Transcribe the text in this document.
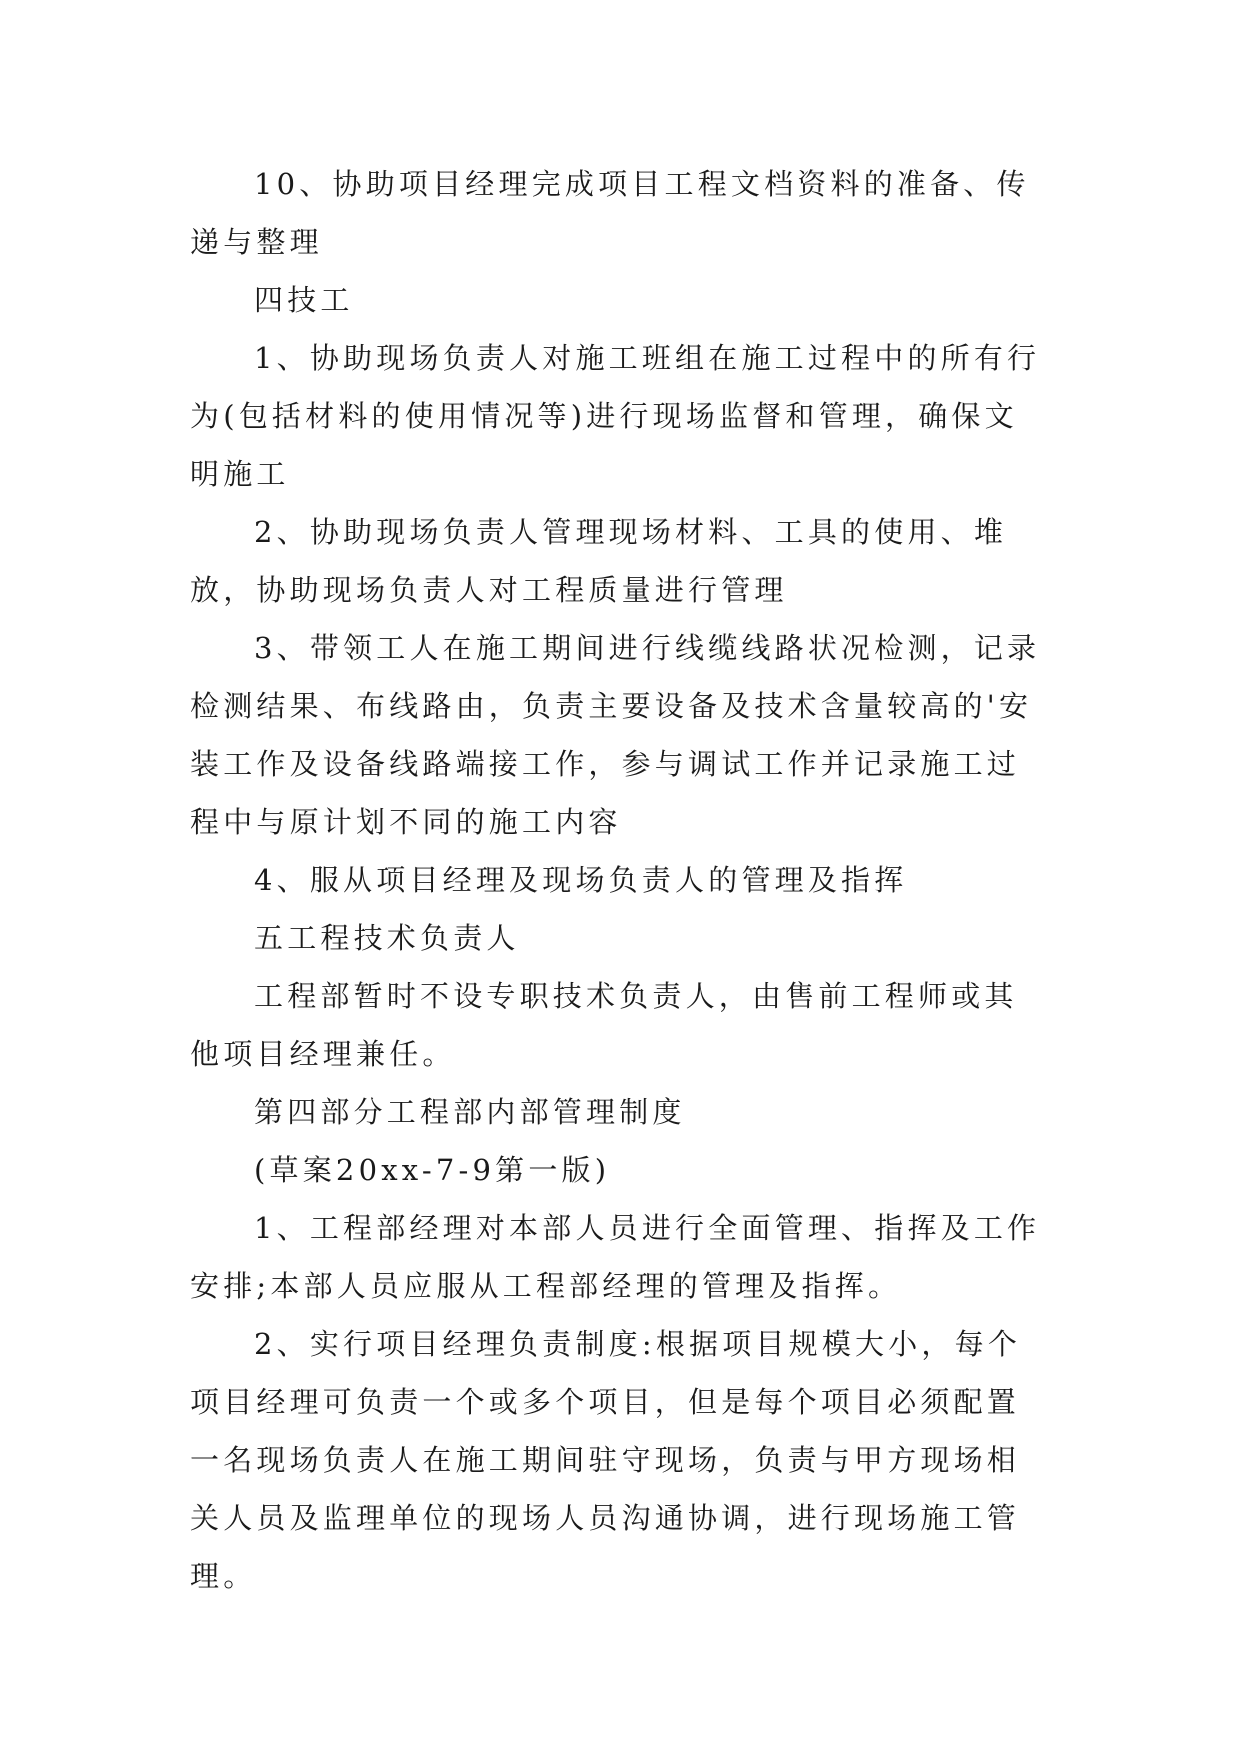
10、协助项目经理完成项目工程文档资料的准备、传递与整理

四技工

1、协助现场负责人对施工班组在施工过程中的所有行为(包括材料的使用情况等)进行现场监督和管理，确保文明施工

2、协助现场负责人管理现场材料、工具的使用、堆放，协助现场负责人对工程质量进行管理

3、带领工人在施工期间进行线缆线路状况检测，记录检测结果、布线路由，负责主要设备及技术含量较高的'安装工作及设备线路端接工作，参与调试工作并记录施工过程中与原计划不同的施工内容

4、服从项目经理及现场负责人的管理及指挥

五工程技术负责人

工程部暂时不设专职技术负责人，由售前工程师或其他项目经理兼任。

第四部分工程部内部管理制度

(草案20xx-7-9第一版)

1、工程部经理对本部人员进行全面管理、指挥及工作安排;本部人员应服从工程部经理的管理及指挥。

2、实行项目经理负责制度:根据项目规模大小，每个项目经理可负责一个或多个项目，但是每个项目必须配置一名现场负责人在施工期间驻守现场，负责与甲方现场相关人员及监理单位的现场人员沟通协调，进行现场施工管理。
